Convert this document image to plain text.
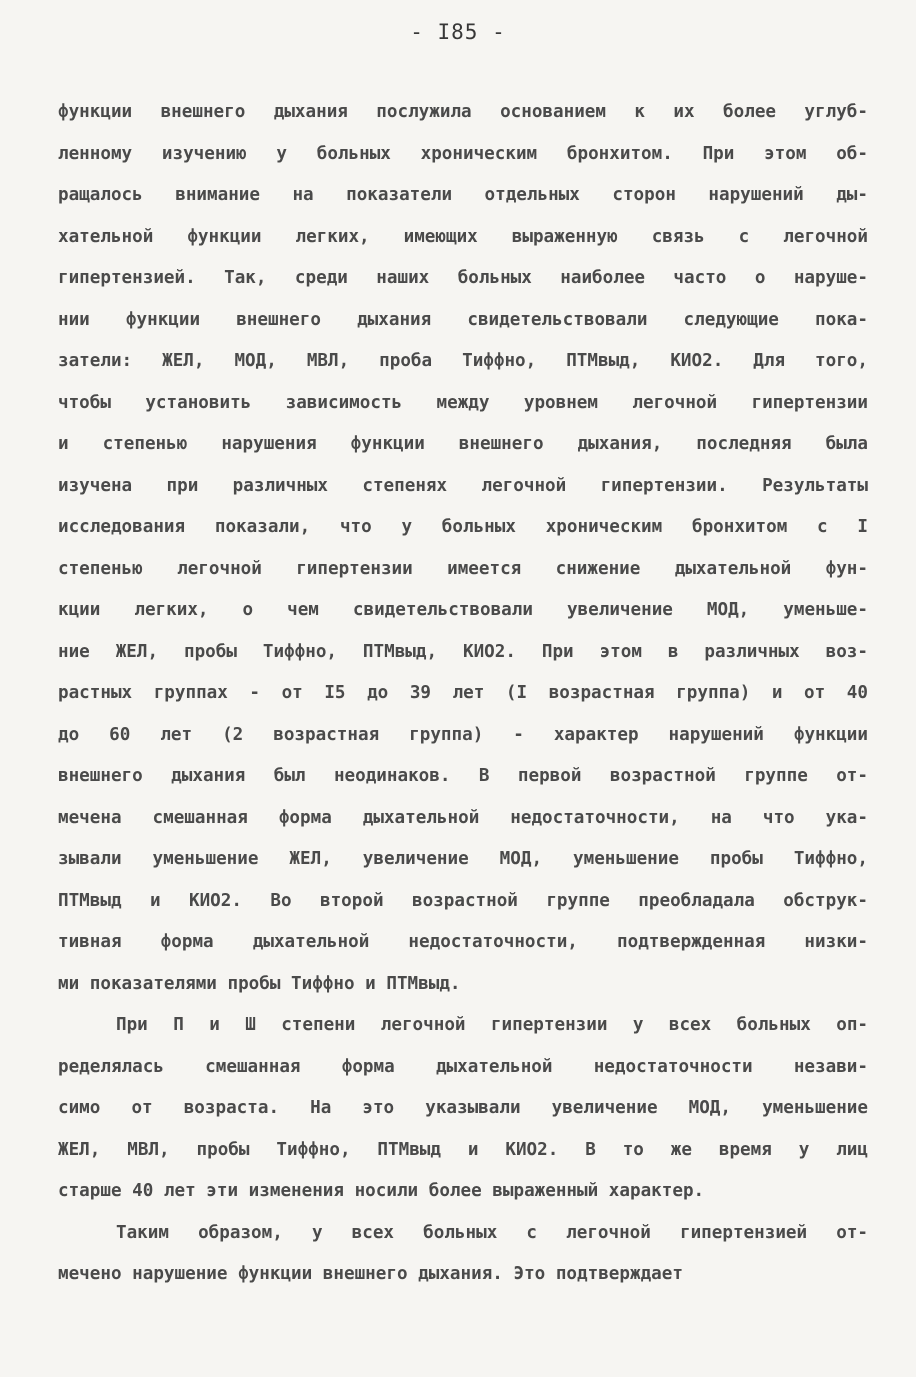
- I85 -
функции внешнего дыхания послужила основанием к их более углуб-
ленному изучению у больных хроническим бронхитом. При этом об-
ращалось внимание на показатели отдельных сторон нарушений ды-
хательной функции легких, имеющих выраженную связь с легочной
гипертензией. Так, среди наших больных наиболее часто о наруше-
нии функции внешнего дыхания свидетельствовали следующие пока-
затели: ЖЕЛ, МОД, МВЛ, проба Тиффно, ПТМвыд, КИО2. Для того,
чтобы установить зависимость между уровнем легочной гипертензии
и степенью нарушения функции внешнего дыхания, последняя была
изучена при различных степенях легочной гипертензии. Результаты
исследования показали, что у больных хроническим бронхитом с I
степенью легочной гипертензии имеется снижение дыхательной фун-
кции легких, о чем свидетельствовали увеличение МОД, уменьше-
ние ЖЕЛ, пробы Тиффно, ПТМвыд, КИО2. При этом в различных воз-
растных группах - от I5 до 39 лет (I возрастная группа) и от 40
до 60 лет (2 возрастная группа) - характер нарушений функции
внешнего дыхания был неодинаков. В первой возрастной группе от-
мечена смешанная форма дыхательной недостаточности, на что ука-
зывали уменьшение ЖЕЛ, увеличение МОД, уменьшение пробы Тиффно,
ПТМвыд и КИО2. Во второй возрастной группе преобладала обструк-
тивная форма дыхательной недостаточности, подтвержденная низки-
ми показателями пробы Тиффно и ПТМвыд.
При П и Ш степени легочной гипертензии у всех больных оп-
ределялась смешанная форма дыхательной недостаточности незави-
симо от возраста. На это указывали увеличение МОД, уменьшение
ЖЕЛ, МВЛ, пробы Тиффно, ПТМвыд и КИО2. В то же время у лиц
старше 40 лет эти изменения носили более выраженный характер.
Таким образом, у всех больных с легочной гипертензией от-
мечено нарушение функции внешнего дыхания. Это подтверждает
